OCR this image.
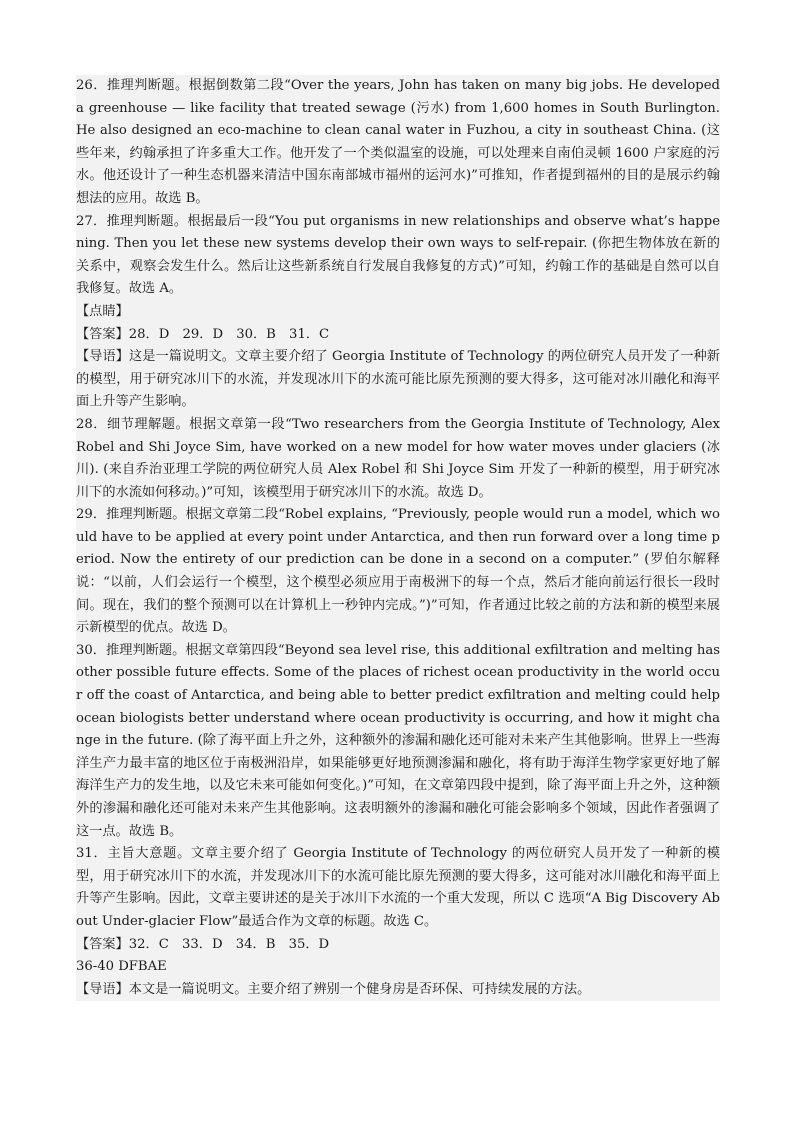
26．推理判断题。根据倒数第二段“Over the years, John has taken on many big jobs. He developed a greenhouse — like facility that treated sewage (污水) from 1,600 homes in South Burlington. He also designed an eco-machine to clean canal water in Fuzhou, a city in southeast China. (这些年来，约翰承担了许多重大工作。他开发了一个类似温室的设施，可以处理来自南伯灵顿 1600 户家庭的污水。他还设计了一种生态机器来清洁中国东南部城市福州的运河水)”可推知，作者提到福州的目的是展示约翰想法的应用。故选 B。

27．推理判断题。根据最后一段“You put organisms in new relationships and observe what’s happening. Then you let these new systems develop their own ways to self-repair. (你把生物体放在新的关系中，观察会发生什么。然后让这些新系统自行发展自我修复的方式)”可知，约翰工作的基础是自然可以自我修复。故选 A。

【点睛】

【答案】28．D　29．D　30．B　31．C

【导语】这是一篇说明文。文章主要介绍了 Georgia Institute of Technology 的两位研究人员开发了一种新的模型，用于研究冰川下的水流，并发现冰川下的水流可能比原先预测的要大得多，这可能对冰川融化和海平面上升等产生影响。

28．细节理解题。根据文章第一段“Two researchers from the Georgia Institute of Technology, Alex Robel and Shi Joyce Sim, have worked on a new model for how water moves under glaciers (冰川). (来自乔治亚理工学院的两位研究人员 Alex Robel 和 Shi Joyce Sim 开发了一种新的模型，用于研究冰川下的水流如何移动。)”可知，该模型用于研究冰川下的水流。故选 D。

29．推理判断题。根据文章第二段“Robel explains, “Previously, people would run a model, which would have to be applied at every point under Antarctica, and then run forward over a long time period. Now the entirety of our prediction can be done in a second on a computer.” (罗伯尔解释说：“以前，人们会运行一个模型，这个模型必须应用于南极洲下的每一个点，然后才能向前运行很长一段时间。现在，我们的整个预测可以在计算机上一秒钟内完成。”)”可知，作者通过比较之前的方法和新的模型来展示新模型的优点。故选 D。

30．推理判断题。根据文章第四段“Beyond sea level rise, this additional exfiltration and melting has other possible future effects. Some of the places of richest ocean productivity in the world occur off the coast of Antarctica, and being able to better predict exfiltration and melting could help ocean biologists better understand where ocean productivity is occurring, and how it might change in the future. (除了海平面上升之外，这种额外的渗漏和融化还可能对未来产生其他影响。世界上一些海洋生产力最丰富的地区位于南极洲沿岸，如果能够更好地预测渗漏和融化，将有助于海洋生物学家更好地了解海洋生产力的发生地，以及它未来可能如何变化。)”可知，在文章第四段中提到，除了海平面上升之外，这种额外的渗漏和融化还可能对未来产生其他影响。这表明额外的渗漏和融化可能会影响多个领域，因此作者强调了这一点。故选 B。

31．主旨大意题。文章主要介绍了 Georgia Institute of Technology 的两位研究人员开发了一种新的模型，用于研究冰川下的水流，并发现冰川下的水流可能比原先预测的要大得多，这可能对冰川融化和海平面上升等产生影响。因此，文章主要讲述的是关于冰川下水流的一个重大发现，所以 C 选项“A Big Discovery About Under-glacier Flow”最适合作为文章的标题。故选 C。

【答案】32．C　33．D　34．B　35．D

36-40 DFBAE

【导语】本文是一篇说明文。主要介绍了辨别一个健身房是否环保、可持续发展的方法。
